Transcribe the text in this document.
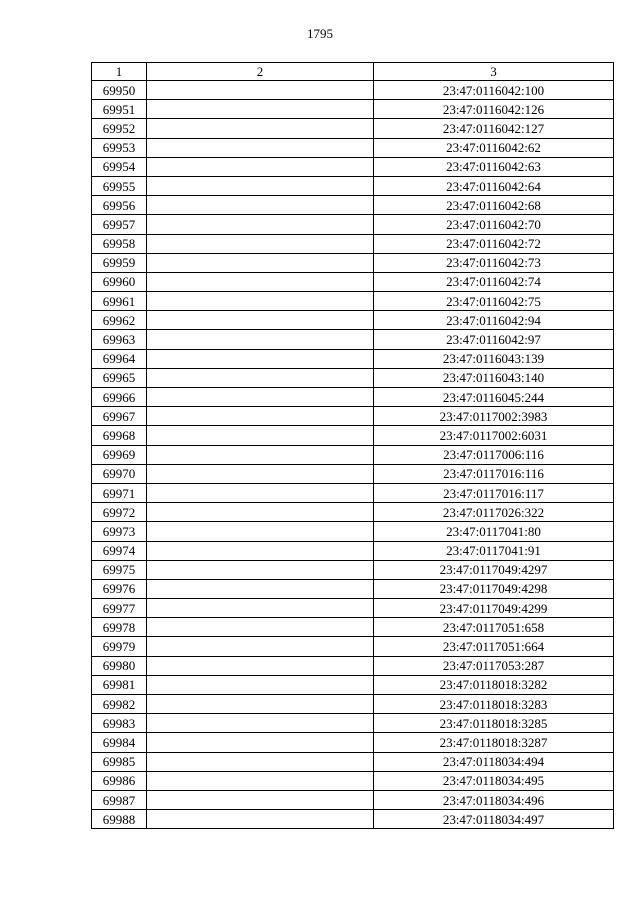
1795
1	2	3
69950		23:47:0116042:100
69951		23:47:0116042:126
69952		23:47:0116042:127
69953		23:47:0116042:62
69954		23:47:0116042:63
69955		23:47:0116042:64
69956		23:47:0116042:68
69957		23:47:0116042:70
69958		23:47:0116042:72
69959		23:47:0116042:73
69960		23:47:0116042:74
69961		23:47:0116042:75
69962		23:47:0116042:94
69963		23:47:0116042:97
69964		23:47:0116043:139
69965		23:47:0116043:140
69966		23:47:0116045:244
69967		23:47:0117002:3983
69968		23:47:0117002:6031
69969		23:47:0117006:116
69970		23:47:0117016:116
69971		23:47:0117016:117
69972		23:47:0117026:322
69973		23:47:0117041:80
69974		23:47:0117041:91
69975		23:47:0117049:4297
69976		23:47:0117049:4298
69977		23:47:0117049:4299
69978		23:47:0117051:658
69979		23:47:0117051:664
69980		23:47:0117053:287
69981		23:47:0118018:3282
69982		23:47:0118018:3283
69983		23:47:0118018:3285
69984		23:47:0118018:3287
69985		23:47:0118034:494
69986		23:47:0118034:495
69987		23:47:0118034:496
69988		23:47:0118034:497
